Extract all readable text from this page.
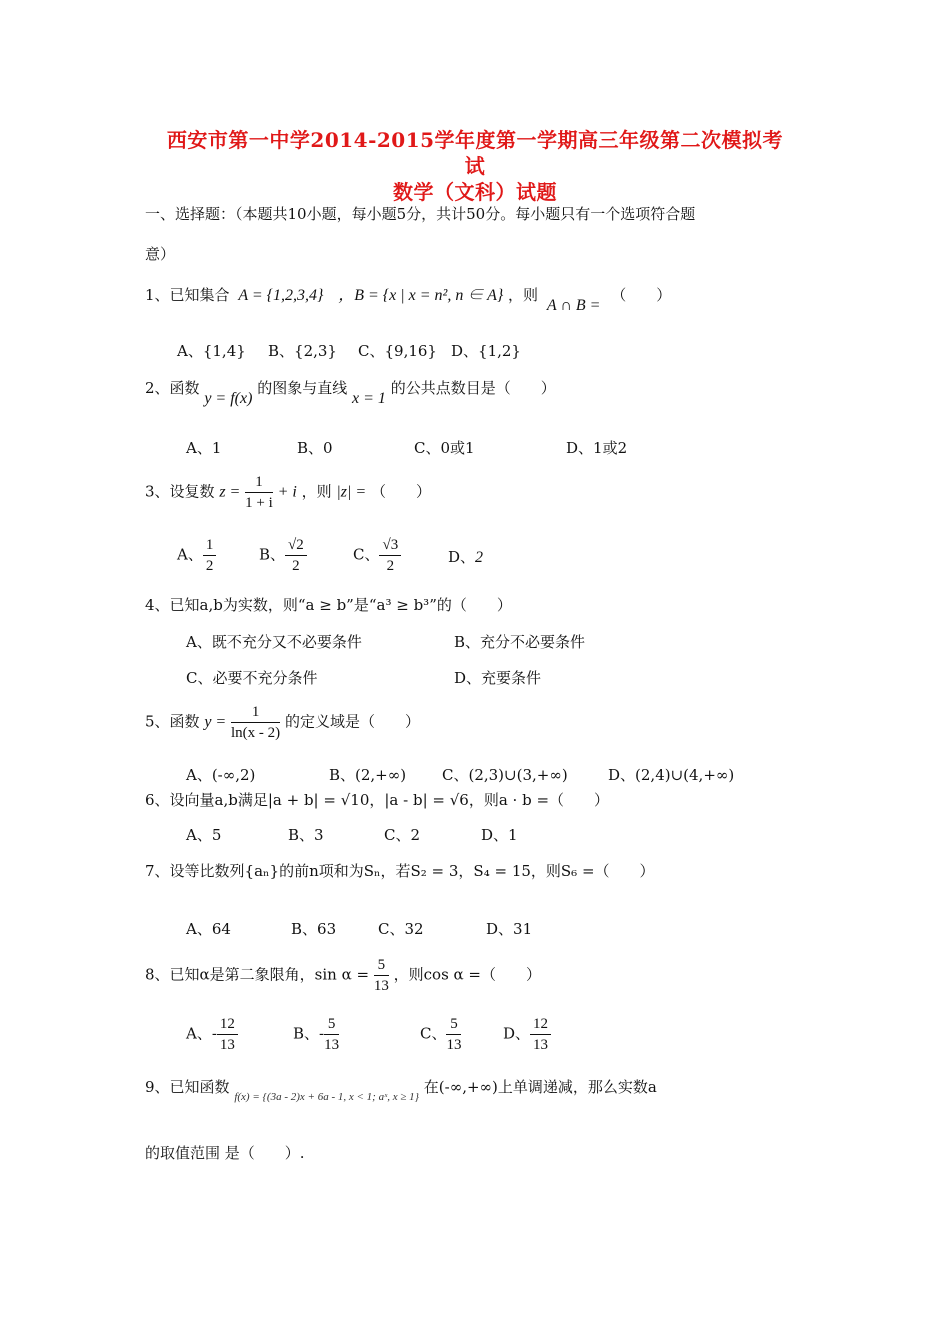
西安市第一中学2014-2015学年度第一学期高三年级第二次模拟考
试
数学（文科）试题
一、选择题：（本题共10小题，每小题5分，共计50分。每小题只有一个选项符合题
意）
1、已知集合 A = {1,2,3,4} ，B = {x | x = n², n ∈ A} ，则 A ∩ B = （　　）
A、{1,4} B、{2,3} C、{9,16} D、{1,2}
2、函数 y = f(x) 的图象与直线 x = 1 的公共点数目是（　　）
A、1	B、0	C、0或1	D、1或2
3、设复数 $z = \frac{1}{1 + i} + i$ ，则 |z| = （　　）
A、 $\frac{1}{2}$	B、 $\frac{√2}{2}$	C、 $\frac{√3}{2}$	D、2
4、已知a,b为实数，则“a ≥ b”是“a³ ≥ b³”的（　　）
A、既不充分又不必要条件	B、充分不必要条件
C、必要不充分条件	D、充要条件
5、函数 $y = \frac{1}{\ln(x - 2)}$ 的定义域是（　　）
A、(-∞,2)	B、(2,+∞) C、(2,3)∪(3,+∞)	D、(2,4)∪(4,+∞)
6、设向量a,b满足|a + b| = √10，|a - b| = √6，则a · b =（　　）
A、5	B、3	C、2	D、1
7、设等比数列{aₙ}的前n项和为Sₙ，若S₂ = 3，S₄ = 15，则S₆ =（　　）
A、64	B、63	C、32	D、31
8、已知α是第二象限角，$\sin \alpha = \frac{5}{13}$ ，则cos α =（　　）
A、- $\frac{12}{13}$	B、- $\frac{5}{13}$	C、 $\frac{5}{13}$	D、 $\frac{12}{13}$
9、已知函数 $_{f(x) = \{(3a - 2)x + 6a - 1, x < 1; aˣ, x \ge 1\}}$ 在(-∞,+∞)上单调递减，那么实数a
的取值范围 是（　　）.
